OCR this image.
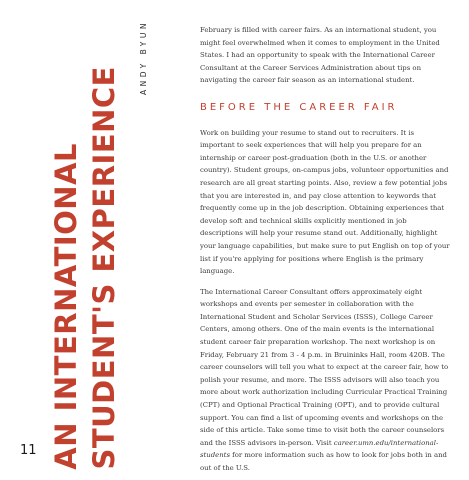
AN INTERNATIONAL STUDENT'S EXPERIENCE
ANDY BYUN
11

February is filled with career fairs. As an international student, you might feel overwhelmed when it comes to employment in the United States. I had an opportunity to speak with the International Career Consultant at the Career Services Administration about tips on navigating the career fair season as an international student.

BEFORE THE CAREER FAIR

Work on building your resume to stand out to recruiters. It is important to seek experiences that will help you prepare for an internship or career post-graduation (both in the U.S. or another country). Student groups, on-campus jobs, volunteer opportunities and research are all great starting points. Also, review a few potential jobs that you are interested in, and pay close attention to keywords that frequently come up in the job description. Obtaining experiences that develop soft and technical skills explicitly mentioned in job descriptions will help your resume stand out. Additionally, highlight your language capabilities, but make sure to put English on top of your list if you're applying for positions where English is the primary language.

The International Career Consultant offers approximately eight workshops and events per semester in collaboration with the International Student and Scholar Services (ISSS), College Career Centers, among others. One of the main events is the international student career fair preparation workshop. The next workshop is on Friday, February 21 from 3 - 4 p.m. in Bruininks Hall, room 420B. The career counselors will tell you what to expect at the career fair, how to polish your resume, and more. The ISSS advisors will also teach you more about work authorization including Curricular Practical Training (CPT) and Optional Practical Training (OPT), and to provide cultural support. You can find a list of upcoming events and workshops on the side of this article. Take some time to visit both the career counselors and the ISSS advisors in-person. Visit career.umn.edu/international-students for more information such as how to look for jobs both in and out of the U.S.
